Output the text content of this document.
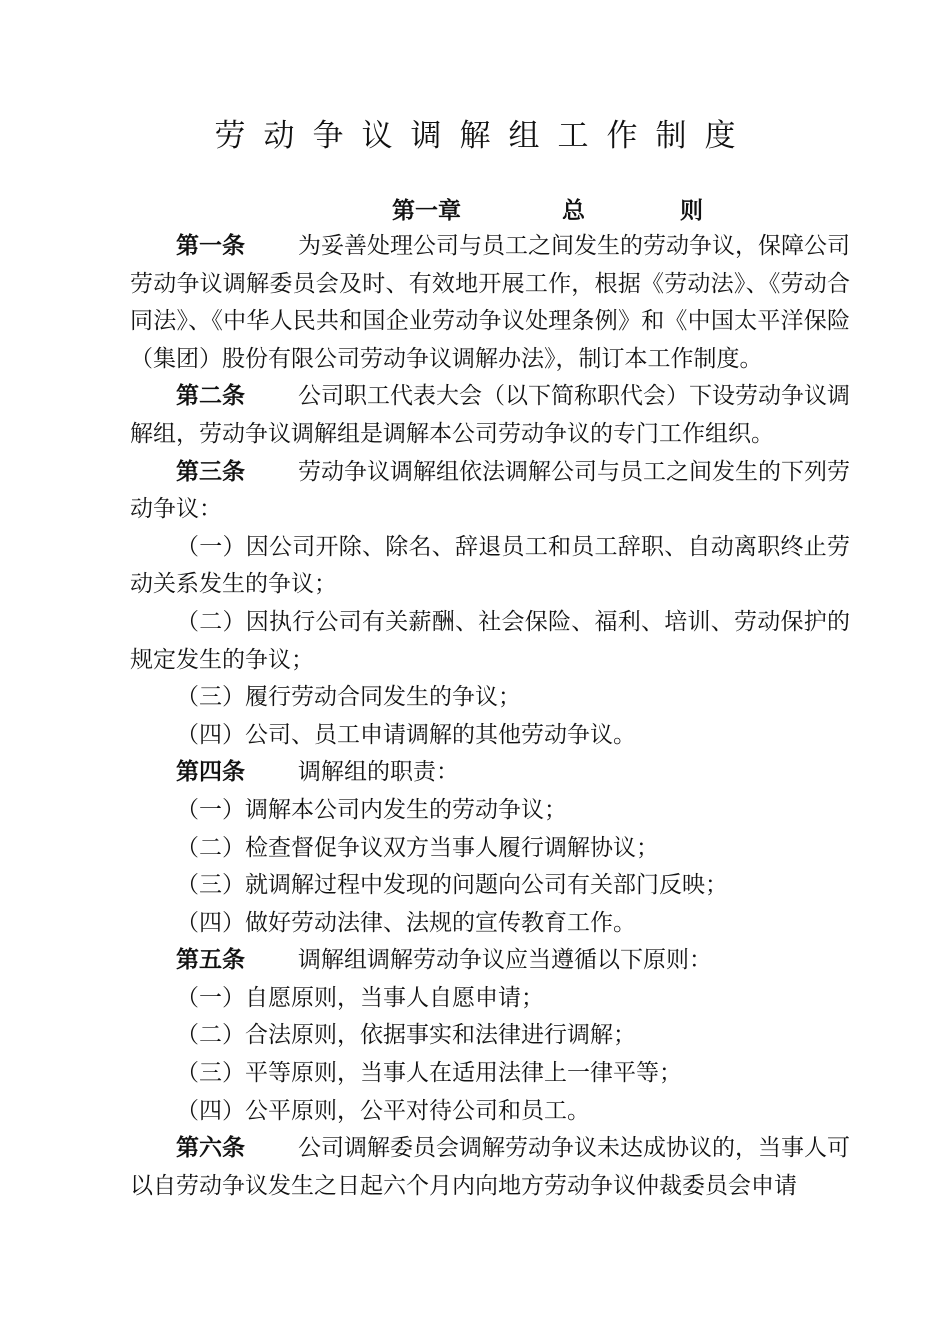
劳动争议调解组工作制度
第一章	总	则

第一条 为妥善处理公司与员工之间发生的劳动争议，保障公司劳动争议调解委员会及时、有效地开展工作，根据《劳动法》、《劳动合同法》、《中华人民共和国企业劳动争议处理条例》和《中国太平洋保险（集团）股份有限公司劳动争议调解办法》，制订本工作制度。

第二条 公司职工代表大会（以下简称职代会）下设劳动争议调解组，劳动争议调解组是调解本公司劳动争议的专门工作组织。

第三条 劳动争议调解组依法调解公司与员工之间发生的下列劳动争议：

（一）因公司开除、除名、辞退员工和员工辞职、自动离职终止劳动关系发生的争议；

（二）因执行公司有关薪酬、社会保险、福利、培训、劳动保护的规定发生的争议；

（三）履行劳动合同发生的争议；

（四）公司、员工申请调解的其他劳动争议。

第四条 调解组的职责：

（一）调解本公司内发生的劳动争议；

（二）检查督促争议双方当事人履行调解协议；

（三）就调解过程中发现的问题向公司有关部门反映；

（四）做好劳动法律、法规的宣传教育工作。

第五条 调解组调解劳动争议应当遵循以下原则：

（一）自愿原则，当事人自愿申请；

（二）合法原则，依据事实和法律进行调解；

（三）平等原则，当事人在适用法律上一律平等；

（四）公平原则，公平对待公司和员工。

第六条 公司调解委员会调解劳动争议未达成协议的，当事人可以自劳动争议发生之日起六个月内向地方劳动争议仲裁委员会申请
